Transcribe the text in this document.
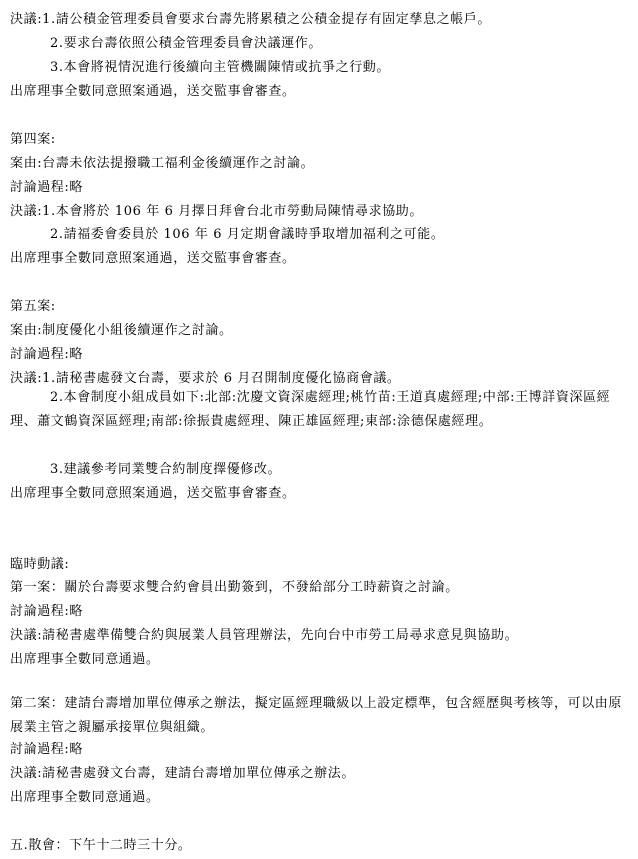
決議:1.請公積金管理委員會要求台壽先將累積之公積金提存有固定孳息之帳戶。
2.要求台壽依照公積金管理委員會決議運作。
3.本會將視情況進行後續向主管機關陳情或抗爭之行動。
出席理事全數同意照案通過，送交監事會審查。
第四案:
案由:台壽未依法提撥職工福利金後續運作之討論。
討論過程:略
決議:1.本會將於 106 年 6 月擇日拜會台北市勞動局陳情尋求協助。
2.請福委會委員於 106 年 6 月定期會議時爭取增加福利之可能。
出席理事全數同意照案通過，送交監事會審查。
第五案:
案由:制度優化小組後續運作之討論。
討論過程:略
決議:1.請秘書處發文台壽，要求於 6 月召開制度優化協商會議。
2.本會制度小組成員如下:北部:沈慶文資深處經理;桃竹苗:王道真處經理;中部:王博詳資深區經理、蕭文鶴資深區經理;南部:徐振貴處經理、陳正雄區經理;東部:涂德保處經理。
3.建議參考同業雙合約制度擇優修改。
出席理事全數同意照案通過，送交監事會審查。
臨時動議:
第一案：關於台壽要求雙合約會員出勤簽到，不發給部分工時薪資之討論。
討論過程:略
決議:請秘書處準備雙合約與展業人員管理辦法，先向台中市勞工局尋求意見與協助。
出席理事全數同意通過。
第二案：建請台壽增加單位傳承之辦法，擬定區經理職級以上設定標準，包含經歷與考核等，可以由原展業主管之親屬承接單位與組織。
討論過程:略
決議:請秘書處發文台壽，建請台壽增加單位傳承之辦法。
出席理事全數同意通過。
五.散會：下午十二時三十分。
